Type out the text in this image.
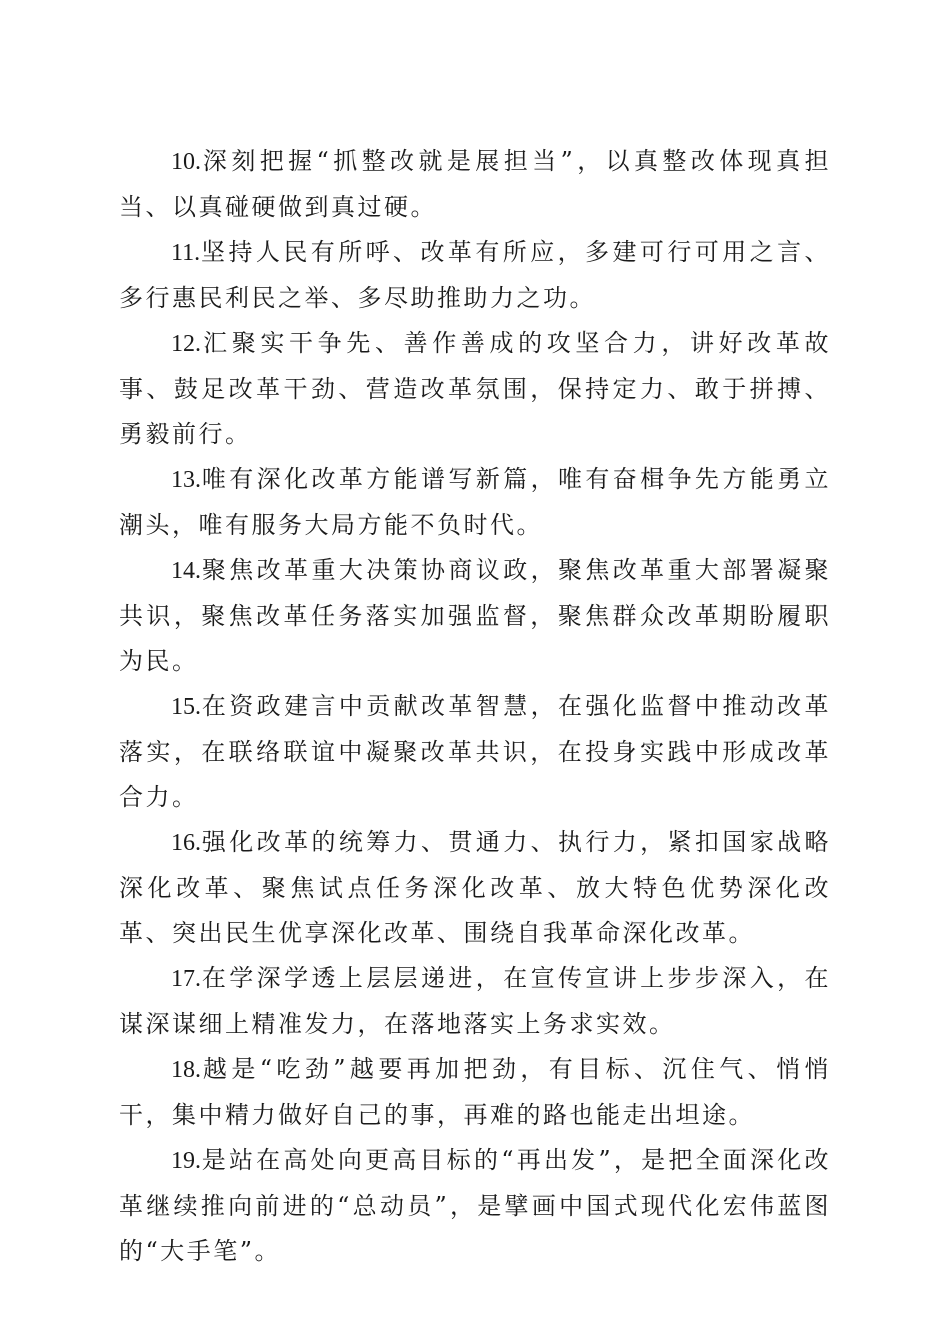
10.深刻把握“抓整改就是展担当”，以真整改体现真担当、以真碰硬做到真过硬。

11.坚持人民有所呼、改革有所应，多建可行可用之言、多行惠民利民之举、多尽助推助力之功。

12.汇聚实干争先、善作善成的攻坚合力，讲好改革故事、鼓足改革干劲、营造改革氛围，保持定力、敢于拼搏、勇毅前行。

13.唯有深化改革方能谱写新篇，唯有奋楫争先方能勇立潮头，唯有服务大局方能不负时代。

14.聚焦改革重大决策协商议政，聚焦改革重大部署凝聚共识，聚焦改革任务落实加强监督，聚焦群众改革期盼履职为民。

15.在资政建言中贡献改革智慧，在强化监督中推动改革落实，在联络联谊中凝聚改革共识，在投身实践中形成改革合力。

16.强化改革的统筹力、贯通力、执行力，紧扣国家战略深化改革、聚焦试点任务深化改革、放大特色优势深化改革、突出民生优享深化改革、围绕自我革命深化改革。

17.在学深学透上层层递进，在宣传宣讲上步步深入，在谋深谋细上精准发力，在落地落实上务求实效。

18.越是“吃劲”越要再加把劲，有目标、沉住气、悄悄干，集中精力做好自己的事，再难的路也能走出坦途。

19.是站在高处向更高目标的“再出发”，是把全面深化改革继续推向前进的“总动员”，是擘画中国式现代化宏伟蓝图的“大手笔”。
